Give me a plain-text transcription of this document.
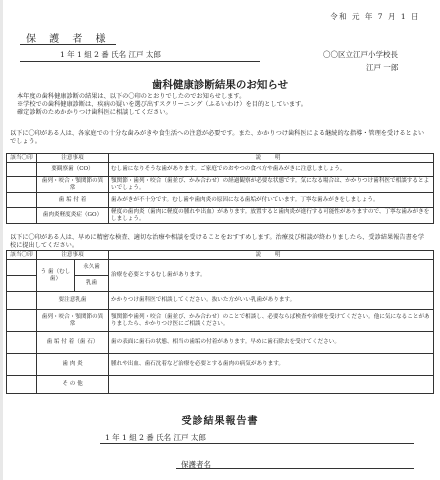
令和 元 年 7 月 1 日
保 護 者 様
1 年 1 組 2 番 氏名 江戸 太郎	〇〇区立江戸小学校長
江戸 一郎
歯科健康診断結果のお知らせ
本年度の歯科健康診断の結果は、以下の〇印のとおりでしたのでお知らせします。
※学校での歯科健康診断は、疾病の疑いを選び出すスクリーニング（ふるいわけ）を目的としています。
確定診断のためかかりつけ歯科医に相談してください。
以下に〇印がある人は、各家庭での十分な歯みがきや食生活への注意が必要です。また、かかりつけ歯科医による継続的な指導・管理を受けるとよいでしょう。
該当〇印	注意事項	説 明
	要観察歯（CO）	むし歯になりそうな歯があります。ご家庭でのおやつの食べ方や歯みがきに注意しましょう。
	歯列・咬合・顎関節の異常	顎関節・歯列・咬合（歯並び、かみ合わせ）の経過観察が必要な状態です。気になる場合は、かかりつけ歯科医で相談するとよいでしょう。
	歯 垢 付 着	歯みがきが不十分です。むし歯や歯肉炎の原因になる歯垢が付いています。丁寧な歯みがきをしましょう。
	歯肉炎軽度炎症（GO）	軽度の歯肉炎（歯肉に軽度の腫れや出血）があります。放置すると歯肉炎が進行する可能性がありますので、丁寧な歯みがきをしましょう。
以下に〇印がある人は、早めに精密な検査、適切な治療や相談を受けることをおすすめします。治療及び相談が終わりましたら、受診結果報告書を学校に提出してください。
該当〇印	注意事項		説 明
	う 歯（むし歯）	永久歯	治療を必要とするむし歯があります。
		乳歯	
	要注意乳歯		かかりつけ歯科医で相談してください。抜いた方がいい乳歯があります。
	歯列・咬合・顎関節の異常		顎関節や歯列・咬合（歯並び、かみ合わせ）のことで相談し、必要ならば検査や治療を受けてください。他に気になることがありましたら、かかりつけ医にご相談ください。
	歯 垢 付 着（歯 石）		歯の表面に歯石の状態、相当の歯垢の付着があります。早めに歯石除去を受けてください。
	歯 肉 炎		腫れや出血、歯石沈着など治療を必要とする歯肉の病気があります。
	そ の 他		
受診結果報告書
1 年 1 組 2 番 氏名 江戸 太郎
保護者名
